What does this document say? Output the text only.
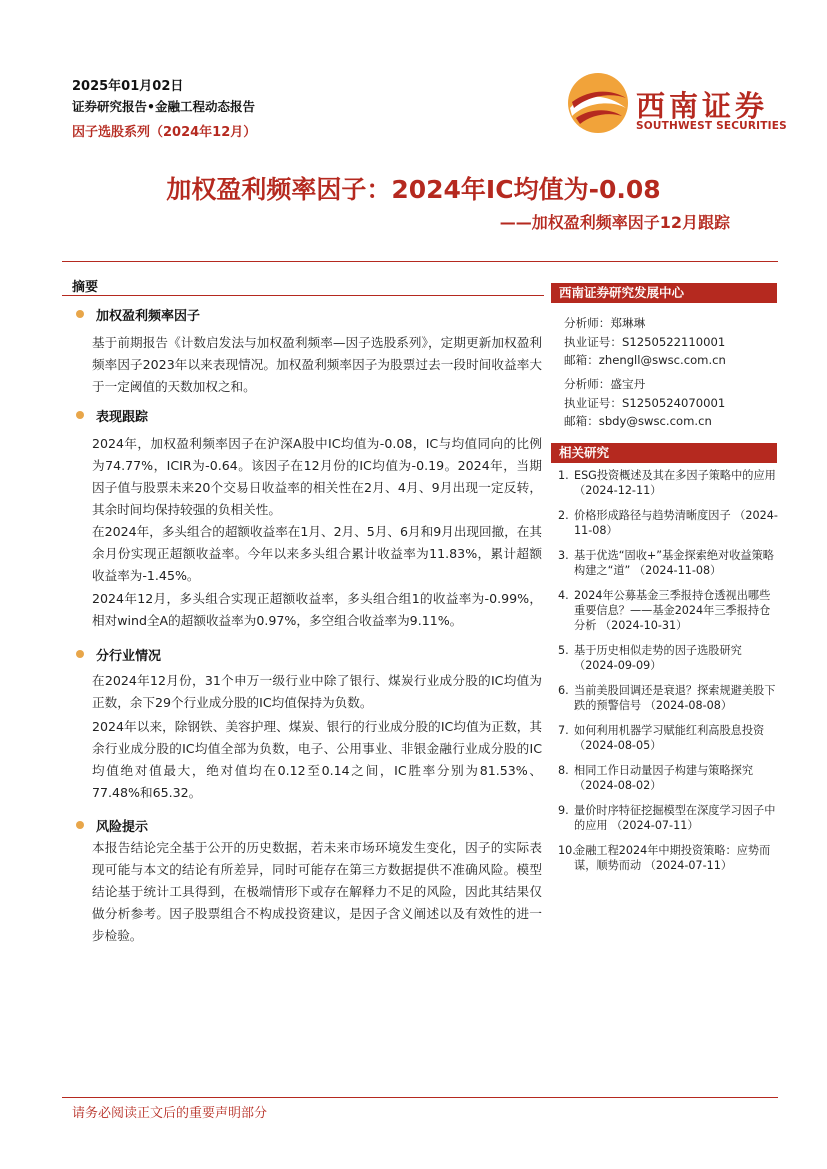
2025年01月02日
证券研究报告•金融工程动态报告
因子选股系列（2024年12月）
西南证券
SOUTHWEST SECURITIES
加权盈利频率因子：2024年IC均值为-0.08
——加权盈利频率因子12月跟踪
摘要
加权盈利频率因子
基于前期报告《计数启发法与加权盈利频率—因子选股系列》，定期更新加权盈利频率因子2023年以来表现情况。加权盈利频率因子为股票过去一段时间收益率大于一定阈值的天数加权之和。
表现跟踪
2024年，加权盈利频率因子在沪深A股中IC均值为-0.08，IC与均值同向的比例为74.77%，ICIR为-0.64。该因子在12月份的IC均值为-0.19。2024年，当期因子值与股票未来20个交易日收益率的相关性在2月、4月、9月出现一定反转，其余时间均保持较强的负相关性。
在2024年，多头组合的超额收益率在1月、2月、5月、6月和9月出现回撤，在其余月份实现正超额收益率。今年以来多头组合累计收益率为11.83%，累计超额收益率为-1.45%。
2024年12月，多头组合实现正超额收益率，多头组合组1的收益率为-0.99%，相对wind全A的超额收益率为0.97%，多空组合收益率为9.11%。
分行业情况
在2024年12月份，31个申万一级行业中除了银行、煤炭行业成分股的IC均值为正数，余下29个行业成分股的IC均值保持为负数。
2024年以来，除钢铁、美容护理、煤炭、银行的行业成分股的IC均值为正数，其余行业成分股的IC均值全部为负数，电子、公用事业、非银金融行业成分股的IC均值绝对值最大，绝对值均在0.12至0.14之间，IC胜率分别为81.53%、77.48%和65.32。
风险提示
本报告结论完全基于公开的历史数据，若未来市场环境发生变化，因子的实际表现可能与本文的结论有所差异，同时可能存在第三方数据提供不准确风险。模型结论基于统计工具得到，在极端情形下或存在解释力不足的风险，因此其结果仅做分析参考。因子股票组合不构成投资建议，是因子含义阐述以及有效性的进一步检验。
西南证券研究发展中心
分析师：郑琳琳
执业证号：S1250522110001
邮箱：zhengll@swsc.com.cn
分析师：盛宝丹
执业证号：S1250524070001
邮箱：sbdy@swsc.com.cn
相关研究
1. ESG投资概述及其在多因子策略中的应用 （2024-12-11）
2. 价格形成路径与趋势清晰度因子 （2024-11-08）
3. 基于优选“固收+”基金探索绝对收益策略构建之“道” （2024-11-08）
4. 2024年公募基金三季报持仓透视出哪些重要信息？——基金2024年三季报持仓分析 （2024-10-31）
5. 基于历史相似走势的因子选股研究 （2024-09-09）
6. 当前美股回调还是衰退？探索规避美股下跌的预警信号 （2024-08-08）
7. 如何利用机器学习赋能红利高股息投资 （2024-08-05）
8. 相同工作日动量因子构建与策略探究 （2024-08-02）
9. 量价时序特征挖掘模型在深度学习因子中的应用 （2024-07-11）
10.
金融工程2024年中期投资策略：应势而谋，顺势而动 （2024-07-11）
请务必阅读正文后的重要声明部分
